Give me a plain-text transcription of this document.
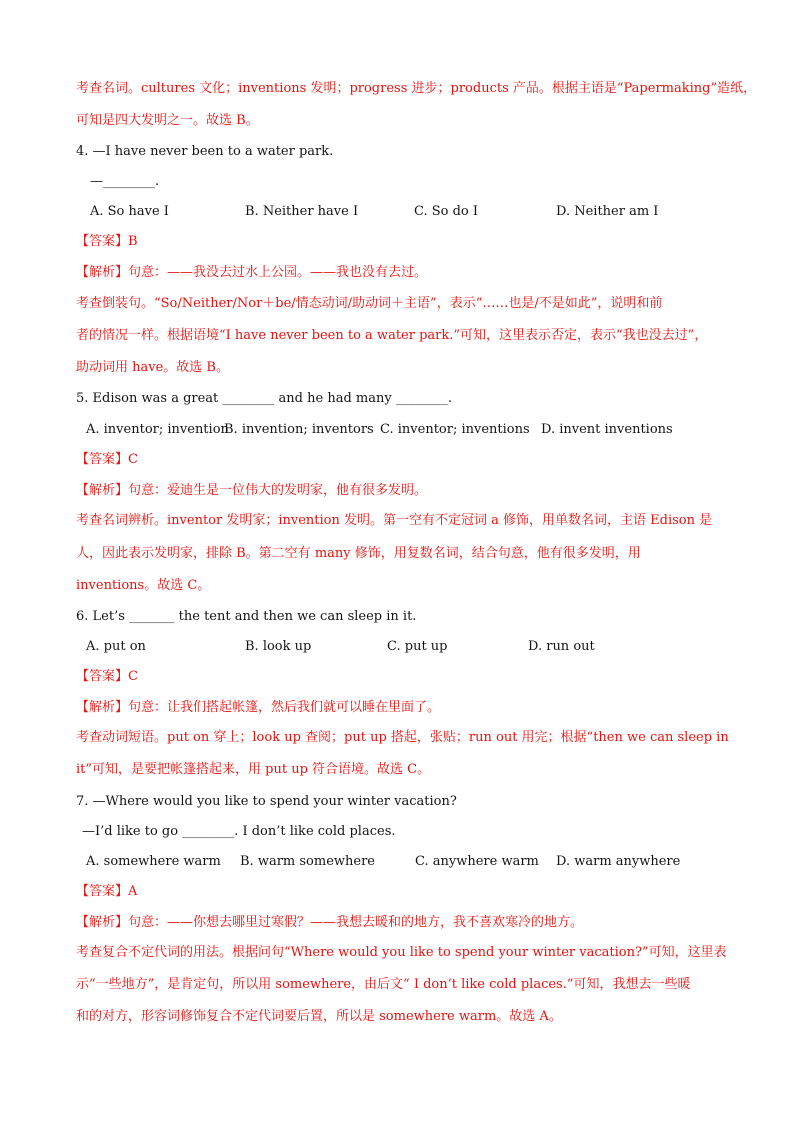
考查名词。cultures 文化；inventions 发明；progress 进步；products 产品。根据主语是“Papermaking”造纸，
可知是四大发明之一。故选 B。
4. —I have never been to a water park.
—________.
A. So have I	B. Neither have I	C. So do I	D. Neither am I
【答案】B
【解析】句意：——我没去过水上公园。——我也没有去过。
考查倒装句。“So/Neither/Nor＋be/情态动词/助动词＋主语”，表示“……也是/不是如此”，说明和前
者的情况一样。根据语境“I have never been to a water park.”可知，这里表示否定，表示“我也没去过”，
助动词用 have。故选 B。
5. Edison was a great ________ and he had many ________.
A. inventor; invention
B. invention; inventors C. inventor; inventions D. invent inventions
【答案】C
【解析】句意：爱迪生是一位伟大的发明家，他有很多发明。
考查名词辨析。inventor 发明家；invention 发明。第一空有不定冠词 a 修饰，用单数名词，主语 Edison 是
人，因此表示发明家，排除 B。第二空有 many 修饰，用复数名词，结合句意，他有很多发明，用
inventions。故选 C。
6. Let’s _______ the tent and then we can sleep in it.
A. put on	B. look up	C. put up	D. run out
【答案】C
【解析】句意：让我们搭起帐篷，然后我们就可以睡在里面了。
考查动词短语。put on 穿上；look up 查阅；put up 搭起，张贴；run out 用完；根据“then we can sleep in
it”可知，是要把帐篷搭起来，用 put up 符合语境。故选 C。
7. —Where would you like to spend your winter vacation?
—I’d like to go ________. I don’t like cold places.
A. somewhere warm B. warm somewhere	C. anywhere warm D. warm anywhere
【答案】A
【解析】句意：——你想去哪里过寒假？——我想去暖和的地方，我不喜欢寒冷的地方。
考查复合不定代词的用法。根据问句“Where would you like to spend your winter vacation?”可知，这里表
示“一些地方”，是肯定句，所以用 somewhere，由后文“ I don’t like cold places.”可知，我想去一些暖
和的对方，形容词修饰复合不定代词要后置，所以是 somewhere warm。故选 A。
